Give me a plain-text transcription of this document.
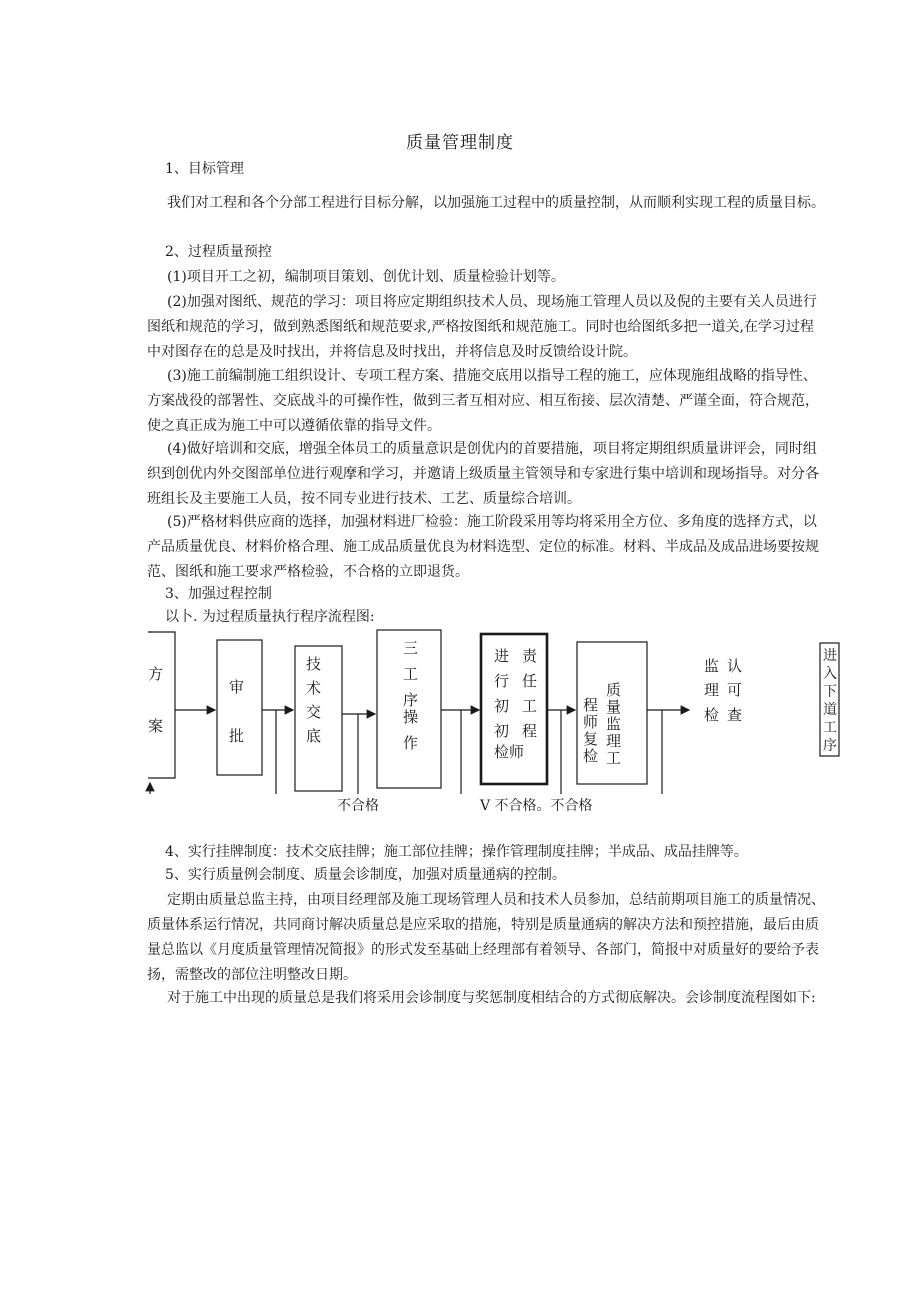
质量管理制度

1、目标管理

我们对工程和各个分部工程进行目标分解，以加强施工过程中的质量控制，从而顺利实现工程的质量目标。

2、过程质量预控

(1)项目开工之初，编制项目策划、创优计划、质量检验计划等。

(2)加强对图纸、规范的学习：项目将应定期组织技术人员、现场施工管理人员以及倪的主要有关人员进行图纸和规范的学习，做到熟悉图纸和规范要求,严格按图纸和规范施工。同时也给图纸多把一道关,在学习过程中对图存在的总是及时找出，并将信息及时找出，并将信息及时反馈给设计院。

(3)施工前编制施工组织设计、专项工程方案、措施交底用以指导工程的施工，应体现施组战略的指导性、方案战役的部署性、交底战斗的可操作性，做到三者互相对应、相互衔接、层次清楚、严谨全面，符合规范，使之真正成为施工中可以遵循依靠的指导文件。

(4)做好培训和交底，增强全体员工的质量意识是创优内的首要措施，项目将定期组织质量讲评会，同时组织到创优内外交图部单位进行观摩和学习，并邀请上级质量主管领导和专家进行集中培训和现场指导。对分各班组长及主要施工人员，按不同专业进行技术、工艺、质量综合培训。

(5)严格材料供应商的选择，加强材料进厂检验：施工阶段采用等均将采用全方位、多角度的选择方式，以产品质量优良、材料价格合理、施工成品质量优良为材料选型、定位的标准。材料、半成品及成品进场要按规范、图纸和施工要求严格检验，不合格的立即退货。

3、加强过程控制

以卜. 为过程质量执行程序流程图:

方
案
审
批
技
术
交
底
三
工
序
操
作
进
行
初
初
检师
责
任
工
程
质
量
监
理
工
程
师
复
检
监
理
检
认
可
查
进
入
下
道
工
序
不合格	V 不合格。不合格

4、实行挂牌制度：技术交底挂牌；施工部位挂牌；操作管理制度挂牌；半成品、成品挂牌等。

5、实行质量例会制度、质量会诊制度，加强对质量通病的控制。

定期由质量总监主持，由项目经理部及施工现场管理人员和技术人员参加，总结前期项目施工的质量情况、质量体系运行情况，共同商讨解决质量总是应采取的措施，特别是质量通病的解决方法和预控措施，最后由质量总监以《月度质量管理情况简报》的形式发至基础上经理部有着领导、各部门，简报中对质量好的要给予表扬，需整改的部位注明整改日期。

对于施工中出现的质量总是我们将采用会诊制度与奖惩制度相结合的方式彻底解决。会诊制度流程图如下:
